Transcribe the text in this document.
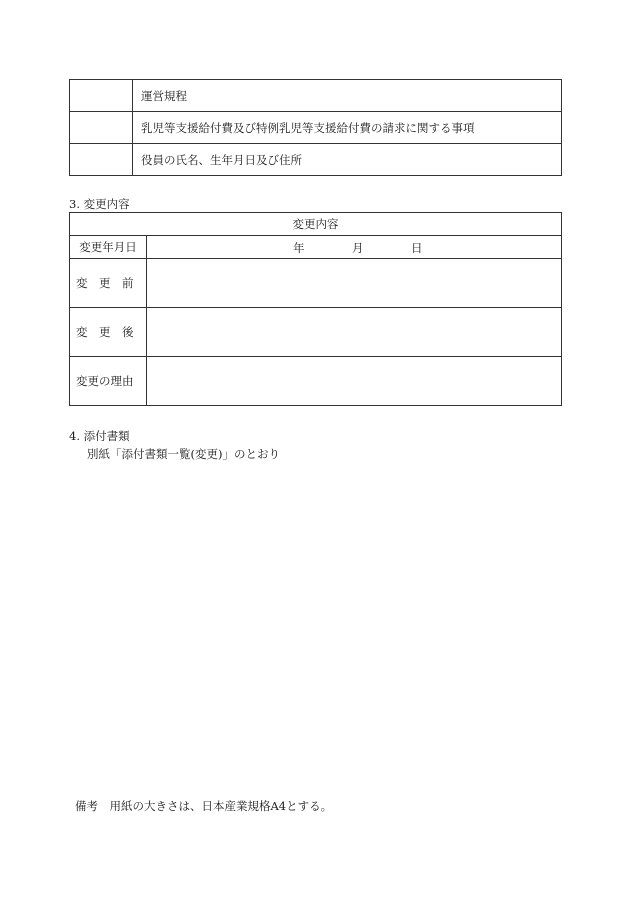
	運営規程
	乳児等支援給付費及び特例乳児等支援給付費の請求に関する事項
	役員の氏名、生年月日及び住所
3. 変更内容
変更内容	
変更年月日	年 月 日

変　更　前	
変　更　後	
変更の理由	
4. 添付書類
別紙「添付書類一覧(変更)」のとおり
備考　用紙の大きさは、日本産業規格A4とする。
